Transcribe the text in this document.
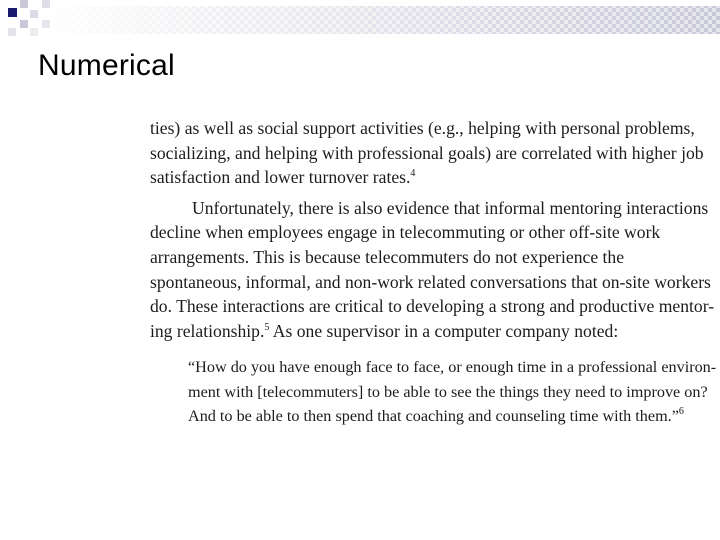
Numerical

ties) as well as social support activities (e.g., helping with personal problems,
socializing, and helping with professional goals) are correlated with higher job
satisfaction and lower turnover rates.$^4$

Unfortunately, there is also evidence that informal mentoring interactions
decline when employees engage in telecommuting or other off-site work
arrangements. This is because telecommuters do not experience the
spontaneous, informal, and non-work related conversations that on-site workers
do. These interactions are critical to developing a strong and productive mentor-
ing relationship.$^5$ As one supervisor in a computer company noted:

“How do you have enough face to face, or enough time in a professional environ-
ment with [telecommuters] to be able to see the things they need to improve on?
And to be able to then spend that coaching and counseling time with them.”$^6$
